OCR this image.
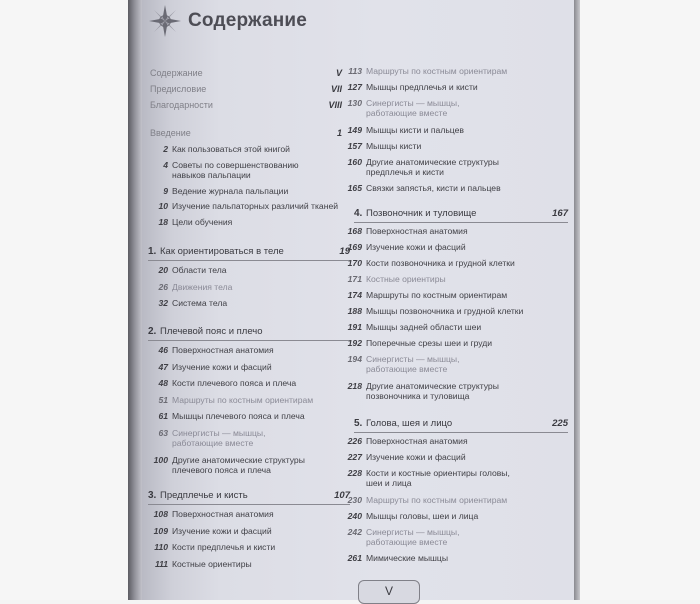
Содержание
Содержание	V
Предисловие	VII
Благодарности	VIII
Введение	1
2 Как пользоваться этой книгой
4 Советы по совершенствованию
навыков пальпации
9 Ведение журнала пальпации
10 Изучение пальпаторных различий тканей
18 Цели обучения
1. Как ориентироваться в теле	19
20 Области тела
26 Движения тела
32 Система тела
2. Плечевой пояс и плечо
46 Поверхностная анатомия
47 Изучение кожи и фасций
48 Кости плечевого пояса и плеча
51 Маршруты по костным ориентирам
61 Мышцы плечевого пояса и плеча
63 Синергисты — мышцы,
работающие вместе
100 Другие анатомические структуры
плечевого пояса и плеча
3. Предплечье и кисть	107
108 Поверхностная анатомия
109 Изучение кожи и фасций
110 Кости предплечья и кисти
111 Костные ориентиры
113 Маршруты по костным ориентирам
127 Мышцы предплечья и кисти
130 Синергисты — мышцы,
работающие вместе
149 Мышцы кисти и пальцев
157 Мышцы кисти
160 Другие анатомические структуры
предплечья и кисти
165 Связки запястья, кисти и пальцев
4. Позвоночник и туловище	167
168 Поверхностная анатомия
169 Изучение кожи и фасций
170 Кости позвоночника и грудной клетки
171 Костные ориентиры
174 Маршруты по костным ориентирам
188 Мышцы позвоночника и грудной клетки
191 Мышцы задней области шеи
192 Поперечные срезы шеи и груди
194 Синергисты — мышцы,
работающие вместе
218 Другие анатомические структуры
позвоночника и туловища
5. Голова, шея и лицо	225
226 Поверхностная анатомия
227 Изучение кожи и фасций
228 Кости и костные ориентиры головы,
шеи и лица
230 Маршруты по костным ориентирам
240 Мышцы головы, шеи и лица
242 Синергисты — мышцы,
работающие вместе
261 Мимические мышцы
V
